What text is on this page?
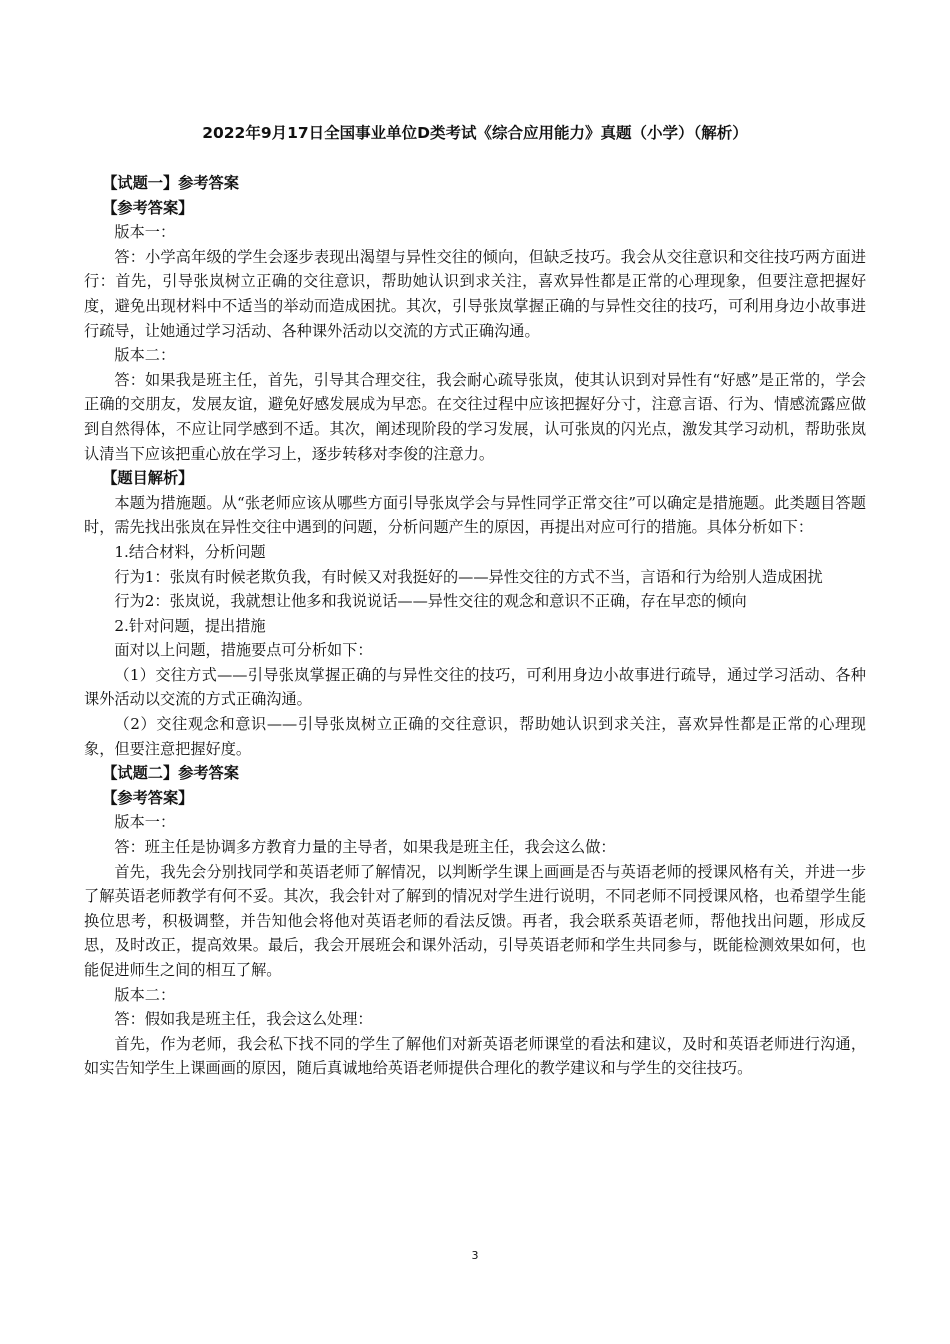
2022年9月17日全国事业单位D类考试《综合应用能力》真题（小学）（解析）

【试题一】参考答案

【参考答案】

版本一：

答：小学高年级的学生会逐步表现出渴望与异性交往的倾向，但缺乏技巧。我会从交往意识和交往技巧两方面进行：首先，引导张岚树立正确的交往意识，帮助她认识到求关注，喜欢异性都是正常的心理现象，但要注意把握好度，避免出现材料中不适当的举动而造成困扰。其次，引导张岚掌握正确的与异性交往的技巧，可利用身边小故事进行疏导，让她通过学习活动、各种课外活动以交流的方式正确沟通。

版本二：

答：如果我是班主任，首先，引导其合理交往，我会耐心疏导张岚，使其认识到对异性有“好感”是正常的，学会正确的交朋友，发展友谊，避免好感发展成为早恋。在交往过程中应该把握好分寸，注意言语、行为、情感流露应做到自然得体，不应让同学感到不适。其次，阐述现阶段的学习发展，认可张岚的闪光点，激发其学习动机，帮助张岚认清当下应该把重心放在学习上，逐步转移对李俊的注意力。

【题目解析】

本题为措施题。从“张老师应该从哪些方面引导张岚学会与异性同学正常交往”可以确定是措施题。此类题目答题时，需先找出张岚在异性交往中遇到的问题，分析问题产生的原因，再提出对应可行的措施。具体分析如下：

1.结合材料，分析问题

行为1：张岚有时候老欺负我，有时候又对我挺好的——异性交往的方式不当，言语和行为给别人造成困扰

行为2：张岚说，我就想让他多和我说说话——异性交往的观念和意识不正确，存在早恋的倾向

2.针对问题，提出措施

面对以上问题，措施要点可分析如下：

（1）交往方式——引导张岚掌握正确的与异性交往的技巧，可利用身边小故事进行疏导，通过学习活动、各种课外活动以交流的方式正确沟通。

（2）交往观念和意识——引导张岚树立正确的交往意识，帮助她认识到求关注，喜欢异性都是正常的心理现象，但要注意把握好度。

【试题二】参考答案

【参考答案】

版本一：

答：班主任是协调多方教育力量的主导者，如果我是班主任，我会这么做：

首先，我先会分别找同学和英语老师了解情况，以判断学生课上画画是否与英语老师的授课风格有关，并进一步了解英语老师教学有何不妥。其次，我会针对了解到的情况对学生进行说明，不同老师不同授课风格，也希望学生能换位思考，积极调整，并告知他会将他对英语老师的看法反馈。再者，我会联系英语老师，帮他找出问题，形成反思，及时改正，提高效果。最后，我会开展班会和课外活动，引导英语老师和学生共同参与，既能检测效果如何，也能促进师生之间的相互了解。

版本二：

答：假如我是班主任，我会这么处理：

首先，作为老师，我会私下找不同的学生了解他们对新英语老师课堂的看法和建议，及时和英语老师进行沟通，如实告知学生上课画画的原因，随后真诚地给英语老师提供合理化的教学建议和与学生的交往技巧。

3
